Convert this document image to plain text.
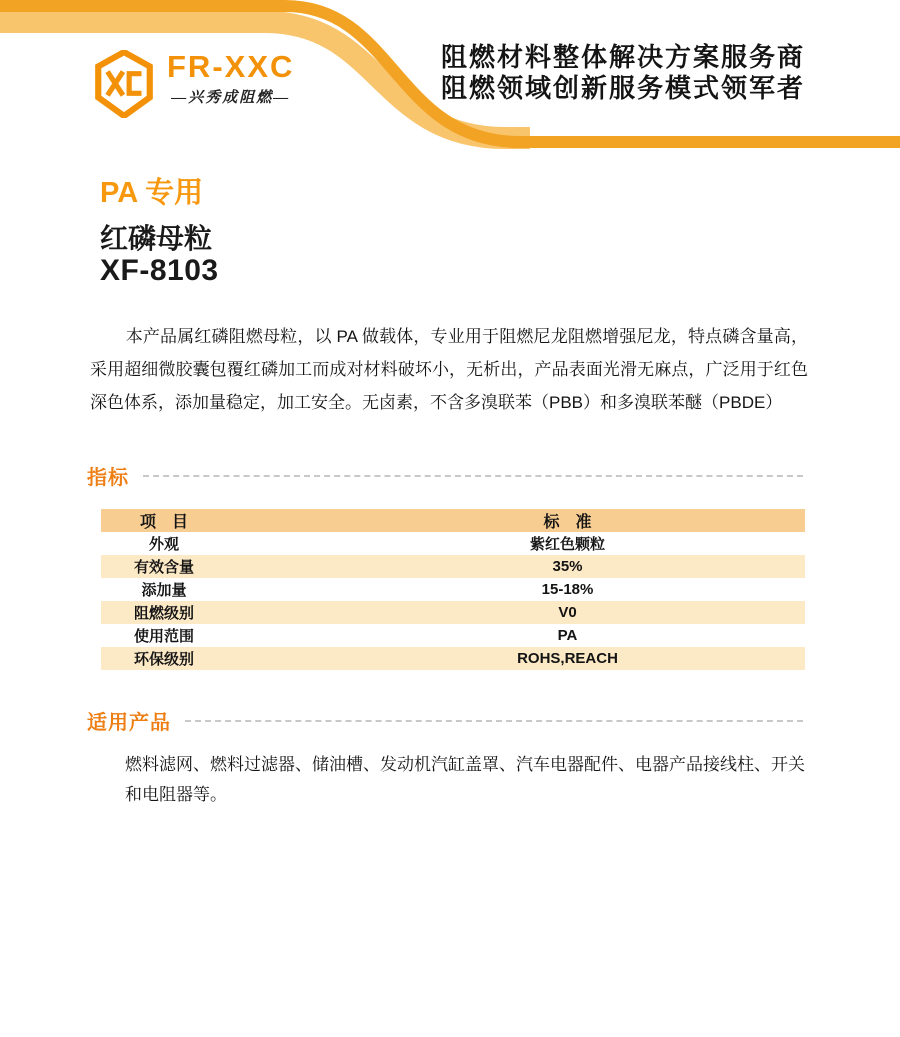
FR-XXC
—兴秀成阻燃—
阻燃材料整体解决方案服务商
阻燃领域创新服务模式领军者
PA 专用
红磷母粒
XF-8103

本产品属红磷阻燃母粒，以 PA 做载体，专业用于阻燃尼龙阻燃增强尼龙，特点磷含量高，采用超细微胶囊包覆红磷加工而成对材料破坏小，无析出，产品表面光滑无麻点，广泛用于红色深色体系，添加量稳定，加工安全。无卤素，不含多溴联苯（PBB）和多溴联苯醚（PBDE）

指标
项　目	标　准
外观	紫红色颗粒
有效含量	35%
添加量	15-18%
阻燃级别	V0
使用范围	PA
环保级别	ROHS,REACH
适用产品

燃料滤网、燃料过滤器、储油槽、发动机汽缸盖罩、汽车电器配件、电器产品接线柱、开关和电阻器等。
